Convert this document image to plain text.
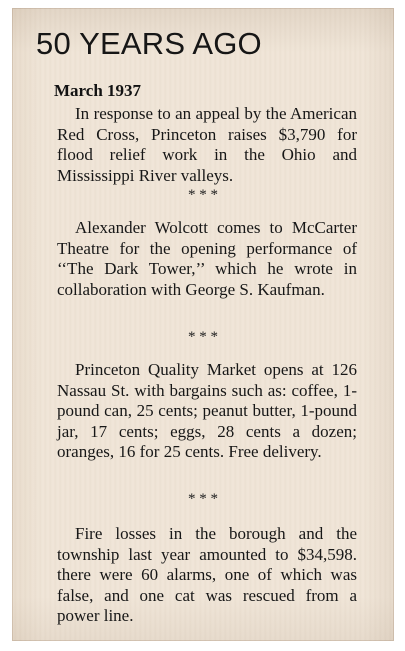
50 YEARS AGO
March 1937

In response to an appeal by the American Red Cross, Princeton raises $3,790 for flood relief work in the Ohio and Mississippi River valleys.

* * *

Alexander Wolcott comes to McCarter Theatre for the opening performance of ‘‘The Dark Tower,’’ which he wrote in collaboration with George S. Kaufman.

* * *

Princeton Quality Market opens at 126 Nassau St. with bargains such as: coffee, 1-pound can, 25 cents; peanut butter, 1-pound jar, 17 cents; eggs, 28 cents a dozen; oranges, 16 for 25 cents. Free delivery.

* * *

Fire losses in the borough and the township last year amounted to $34,598. there were 60 alarms, one of which was false, and one cat was rescued from a power line.
